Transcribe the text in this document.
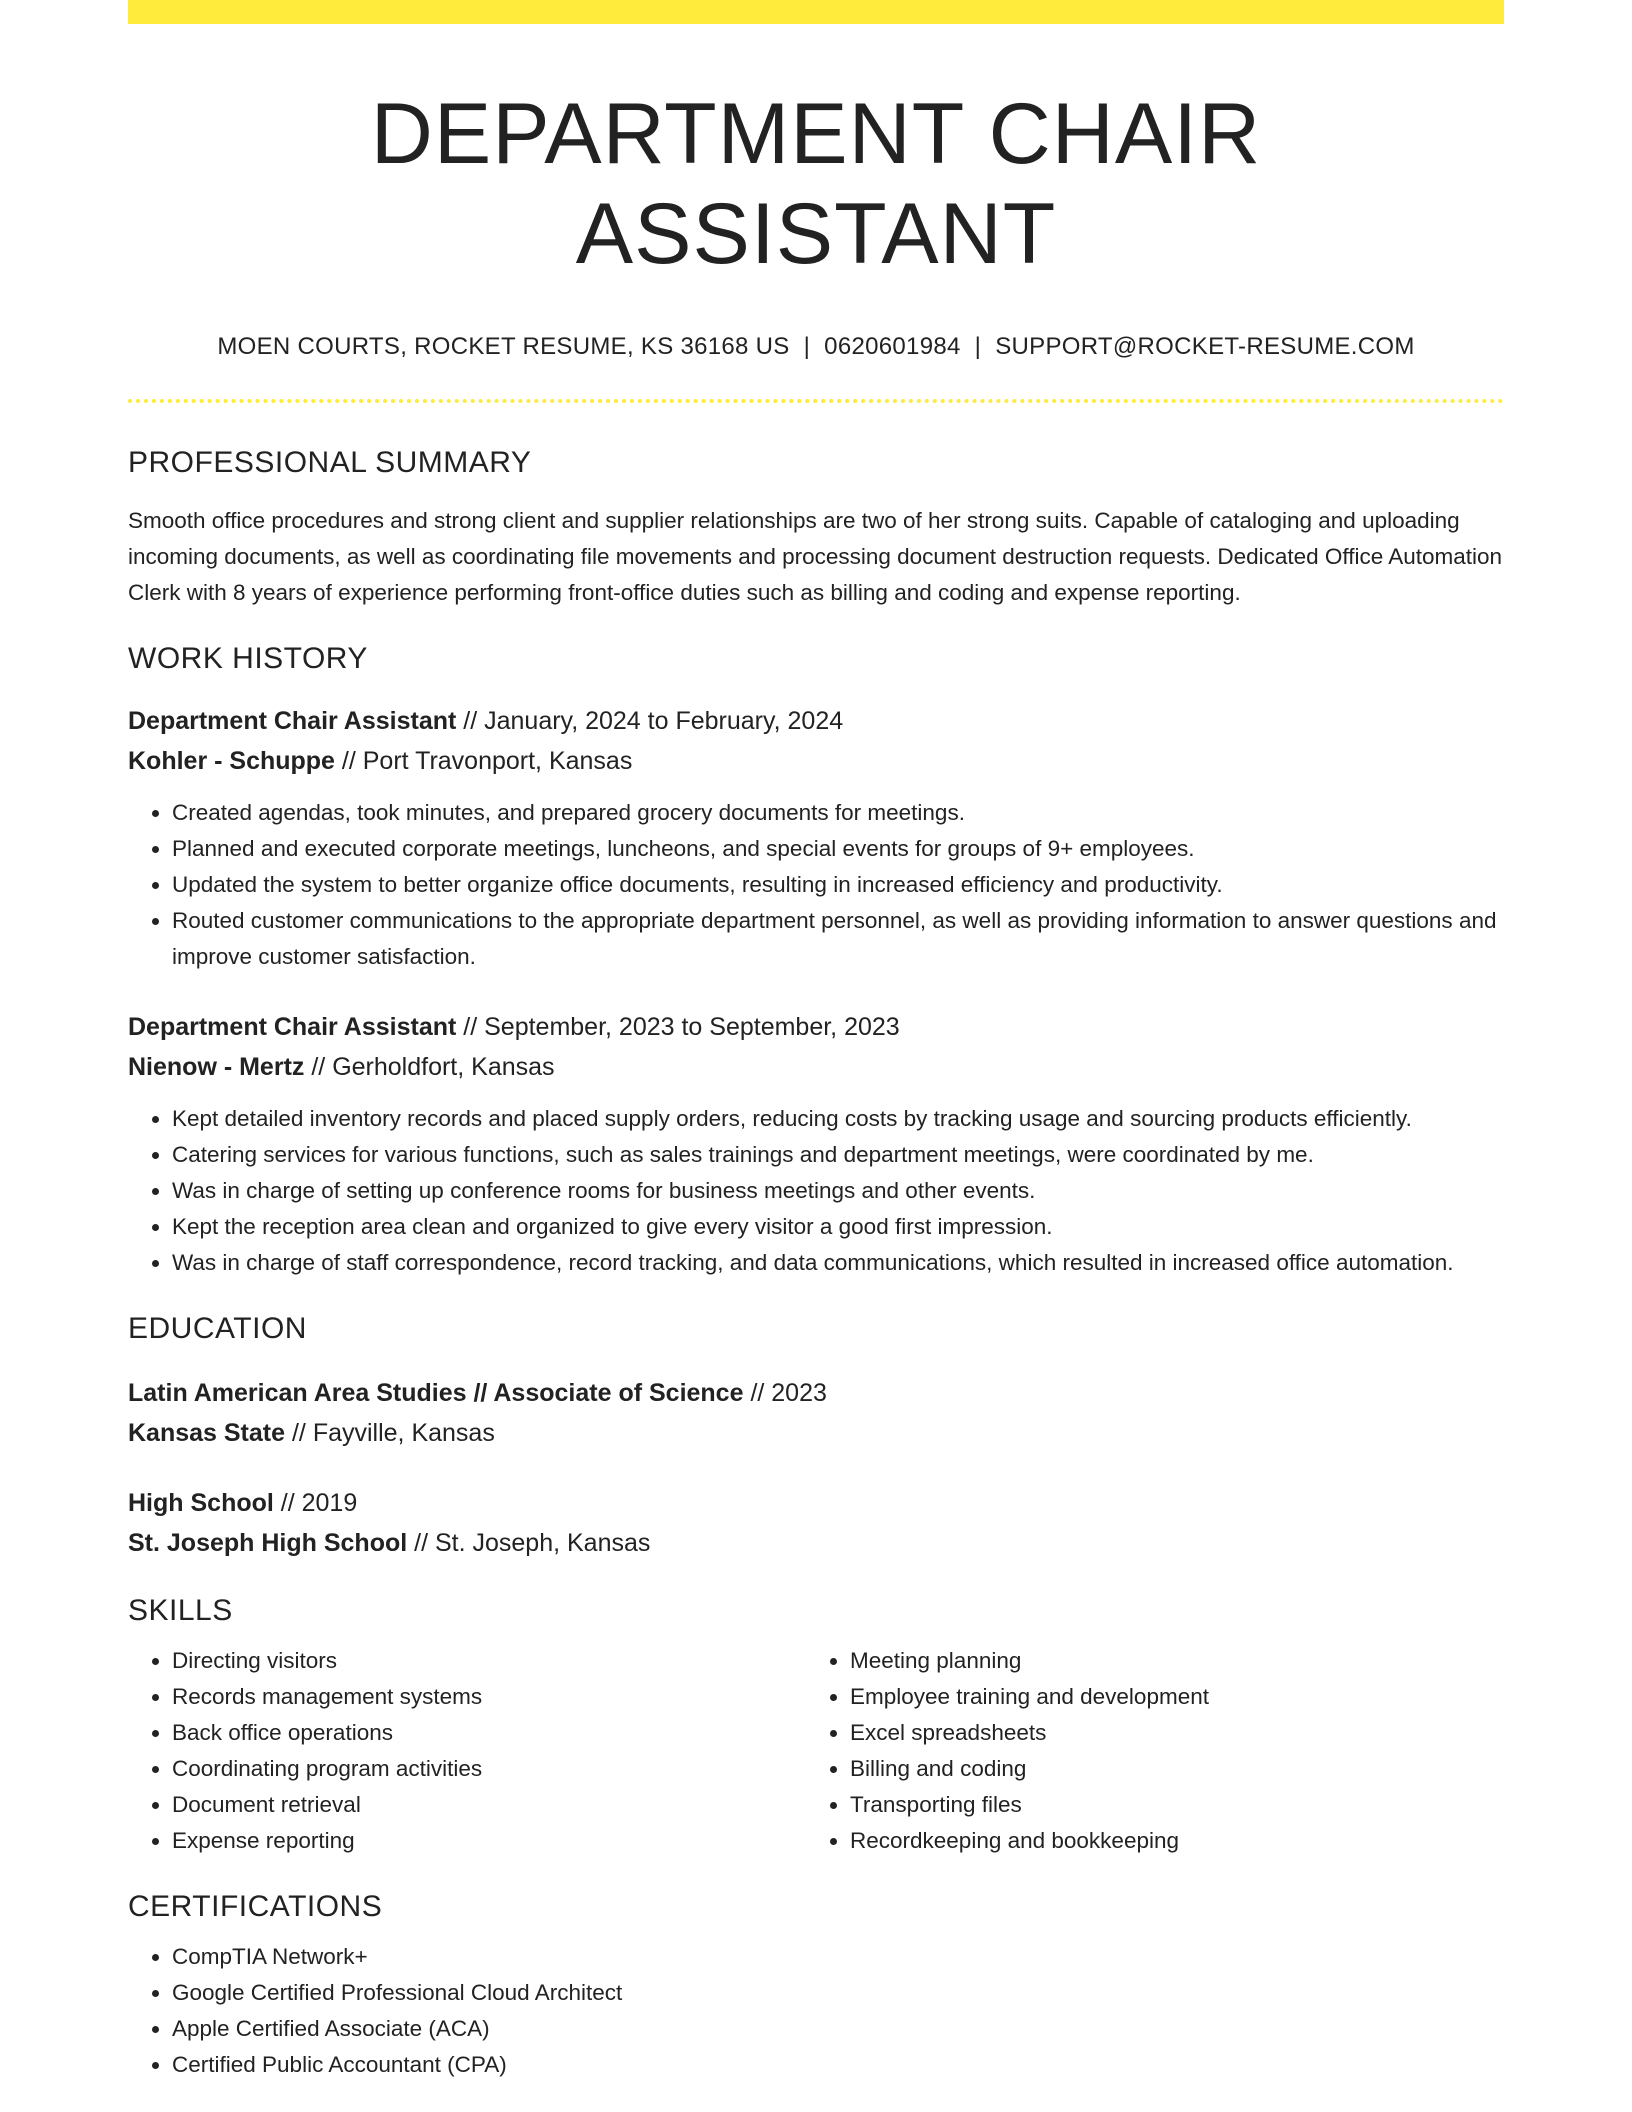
DEPARTMENT CHAIR ASSISTANT
MOEN COURTS, ROCKET RESUME, KS 36168 US | 0620601984 | SUPPORT@ROCKET-RESUME.COM
PROFESSIONAL SUMMARY
Smooth office procedures and strong client and supplier relationships are two of her strong suits. Capable of cataloging and uploading incoming documents, as well as coordinating file movements and processing document destruction requests. Dedicated Office Automation Clerk with 8 years of experience performing front-office duties such as billing and coding and expense reporting.
WORK HISTORY
Department Chair Assistant // January, 2024 to February, 2024
Kohler - Schuppe // Port Travonport, Kansas
• Created agendas, took minutes, and prepared grocery documents for meetings.
• Planned and executed corporate meetings, luncheons, and special events for groups of 9+ employees.
• Updated the system to better organize office documents, resulting in increased efficiency and productivity.
• Routed customer communications to the appropriate department personnel, as well as providing information to answer questions and improve customer satisfaction.
Department Chair Assistant // September, 2023 to September, 2023
Nienow - Mertz // Gerholdfort, Kansas
• Kept detailed inventory records and placed supply orders, reducing costs by tracking usage and sourcing products efficiently.
• Catering services for various functions, such as sales trainings and department meetings, were coordinated by me.
• Was in charge of setting up conference rooms for business meetings and other events.
• Kept the reception area clean and organized to give every visitor a good first impression.
• Was in charge of staff correspondence, record tracking, and data communications, which resulted in increased office automation.
EDUCATION
Latin American Area Studies // Associate of Science // 2023
Kansas State // Fayville, Kansas
High School // 2019
St. Joseph High School // St. Joseph, Kansas
SKILLS
• Directing visitors
• Records management systems
• Back office operations
• Coordinating program activities
• Document retrieval
• Expense reporting
• Meeting planning
• Employee training and development
• Excel spreadsheets
• Billing and coding
• Transporting files
• Recordkeeping and bookkeeping
CERTIFICATIONS
• CompTIA Network+
• Google Certified Professional Cloud Architect
• Apple Certified Associate (ACA)
• Certified Public Accountant (CPA)
